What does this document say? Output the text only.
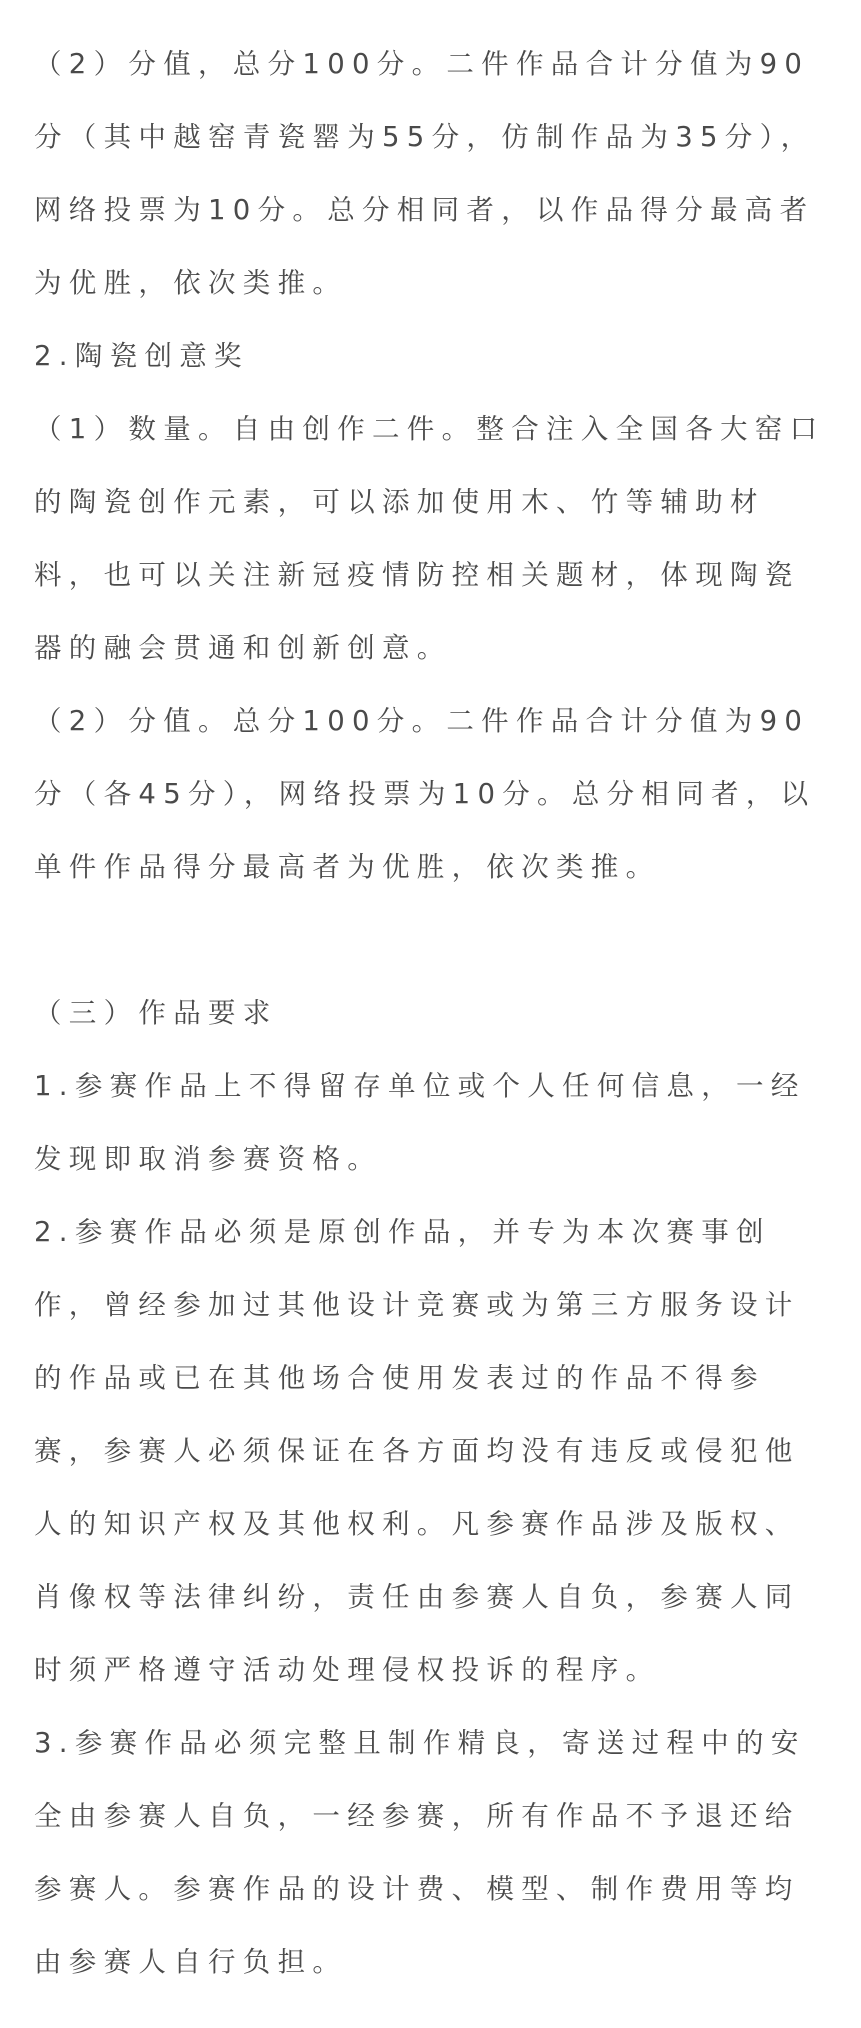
（2）分值，总分100分。二件作品合计分值为90分（其中越窑青瓷罂为55分，仿制作品为35分），网络投票为10分。总分相同者，以作品得分最高者为优胜，依次类推。

2.陶瓷创意奖

（1）数量。自由创作二件。整合注入全国各大窑口的陶瓷创作元素，可以添加使用木、竹等辅助材料，也可以关注新冠疫情防控相关题材，体现陶瓷器的融会贯通和创新创意。

（2）分值。总分100分。二件作品合计分值为90分（各45分），网络投票为10分。总分相同者，以单件作品得分最高者为优胜，依次类推。

（三）作品要求

1.参赛作品上不得留存单位或个人任何信息，一经发现即取消参赛资格。

2.参赛作品必须是原创作品，并专为本次赛事创作，曾经参加过其他设计竞赛或为第三方服务设计的作品或已在其他场合使用发表过的作品不得参赛，参赛人必须保证在各方面均没有违反或侵犯他人的知识产权及其他权利。凡参赛作品涉及版权、肖像权等法律纠纷，责任由参赛人自负，参赛人同时须严格遵守活动处理侵权投诉的程序。

3.参赛作品必须完整且制作精良，寄送过程中的安全由参赛人自负，一经参赛，所有作品不予退还给参赛人。参赛作品的设计费、模型、制作费用等均由参赛人自行负担。
